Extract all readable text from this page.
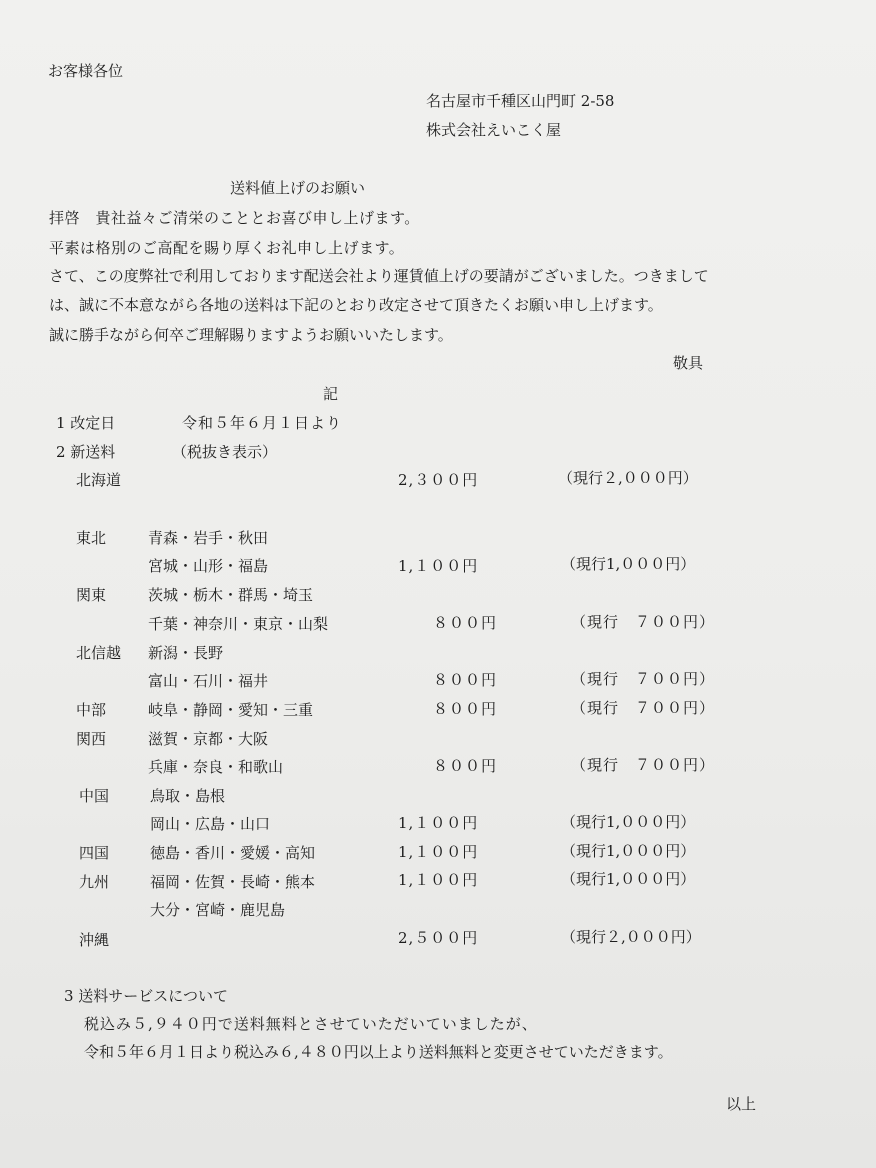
お客様各位
名古屋市千種区山門町 2-58
株式会社えいこく屋
送料値上げのお願い
拝啓　貴社益々ご清栄のこととお喜び申し上げます。
平素は格別のご高配を賜り厚くお礼申し上げます。
さて、この度弊社で利用しております配送会社より運賃値上げの要請がございました。つきまして
は、誠に不本意ながら各地の送料は下記のとおり改定させて頂きたくお願い申し上げます。
誠に勝手ながら何卒ご理解賜りますようお願いいたします。
敬具
記
1 改定日	令和５年６月１日より
2 新送料	（税抜き表示）
北海道	2,３００円	（現行２,０００円）
東北	青森・岩手・秋田
宮城・山形・福島	1,１００円	（現行1,０００円）
関東	茨城・栃木・群馬・埼玉
千葉・神奈川・東京・山梨	８００円	（現行　７００円）
北信越 新潟・長野
富山・石川・福井	８００円	（現行　７００円）
中部	岐阜・静岡・愛知・三重	８００円	（現行　７００円）
関西	滋賀・京都・大阪
兵庫・奈良・和歌山	８００円	（現行　７００円）
中国	鳥取・島根
岡山・広島・山口	1,１００円	（現行1,０００円）
四国	徳島・香川・愛媛・高知	1,１００円	（現行1,０００円）
九州	福岡・佐賀・長崎・熊本	1,１００円	（現行1,０００円）
大分・宮崎・鹿児島
沖縄	2,５００円	（現行２,０００円）
3 送料サービスについて
税込み５,９４０円で送料無料とさせていただいていましたが、
令和５年６月１日より税込み６,４８０円以上より送料無料と変更させていただきます。
以上
